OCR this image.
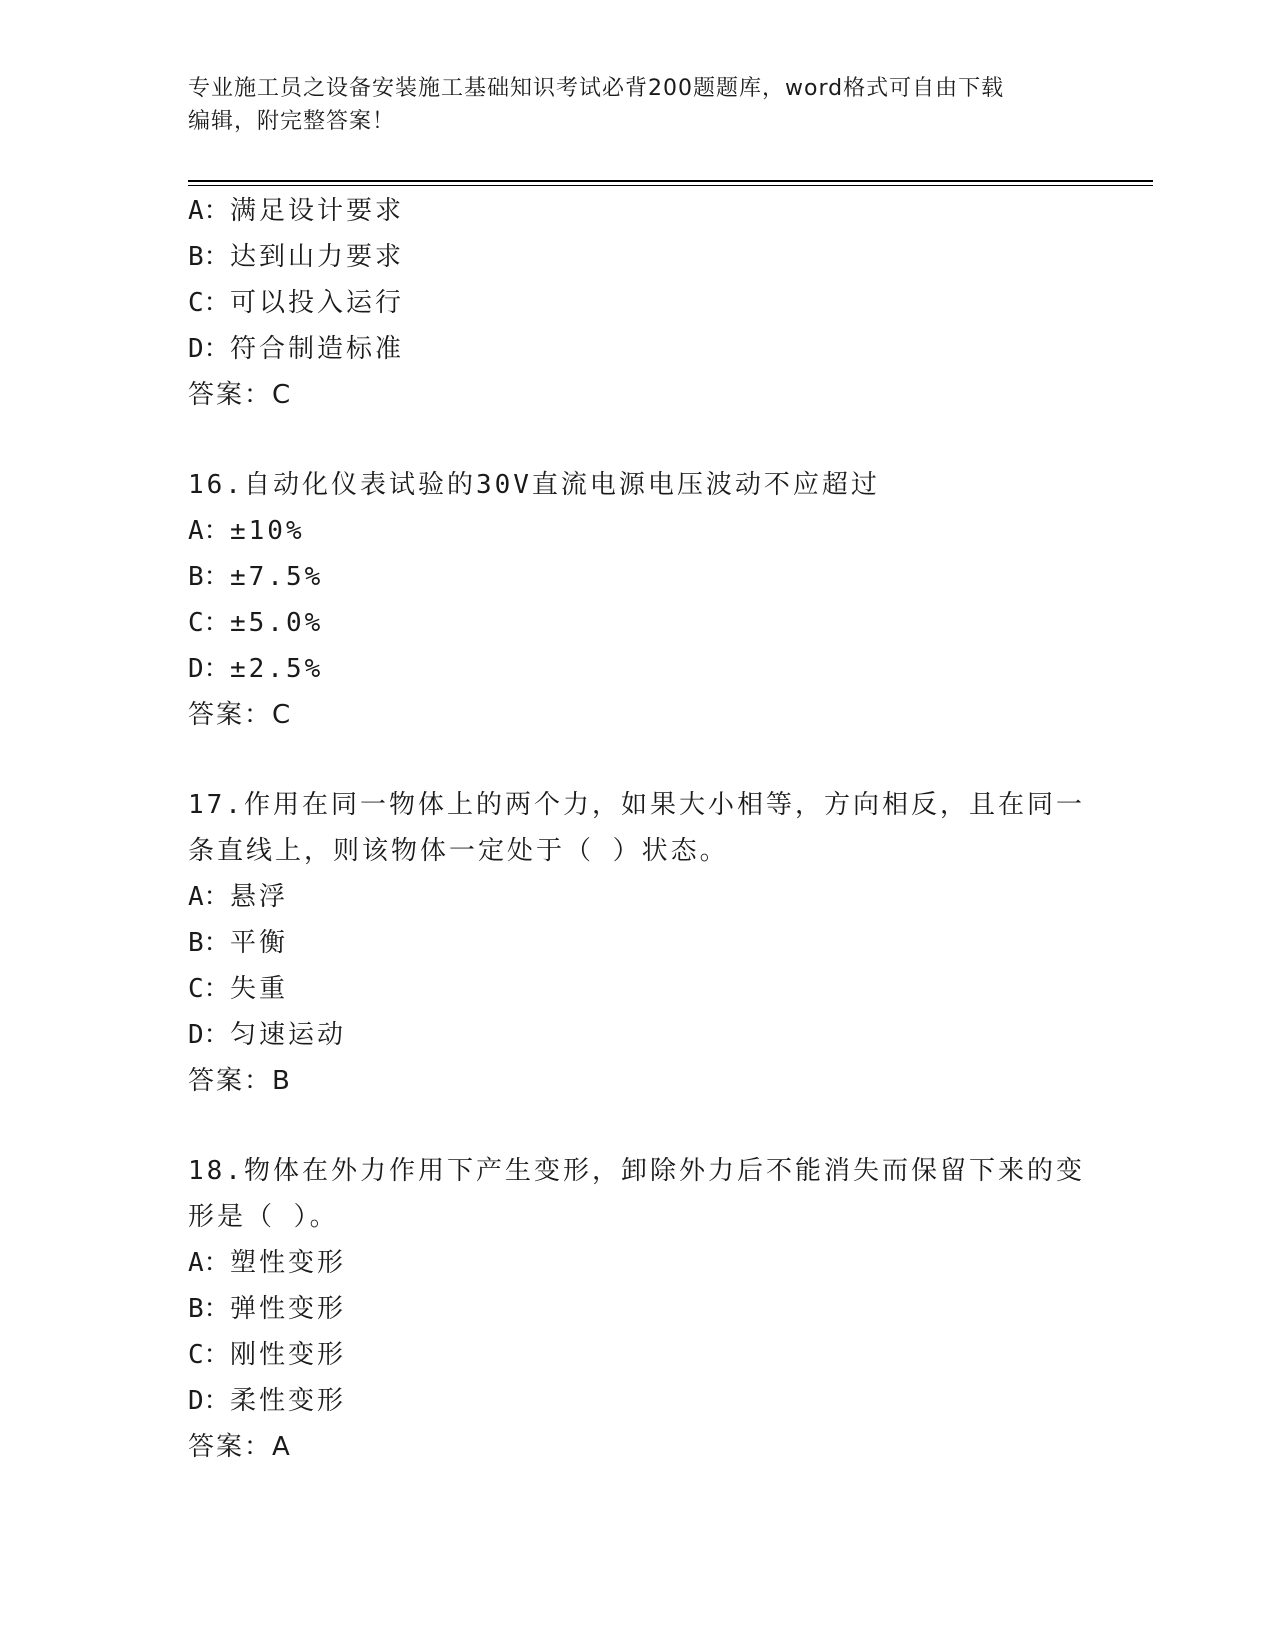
专业施工员之设备安装施工基础知识考试必背200题题库，word格式可自由下载
编辑，附完整答案！
A：满足设计要求
B：达到山力要求
C：可以投入运行
D：符合制造标准
答案：C
16.自动化仪表试验的30V直流电源电压波动不应超过
A：±10%
B：±7.5%
C：±5.0%
D：±2.5%
答案：C
17.作用在同一物体上的两个力，如果大小相等，方向相反，且在同一
条直线上，则该物体一定处于（ ）状态。
A：悬浮
B：平衡
C：失重
D：匀速运动
答案：B
18.物体在外力作用下产生变形，卸除外力后不能消失而保留下来的变
形是（ ）。
A：塑性变形
B：弹性变形
C：刚性变形
D：柔性变形
答案：A
